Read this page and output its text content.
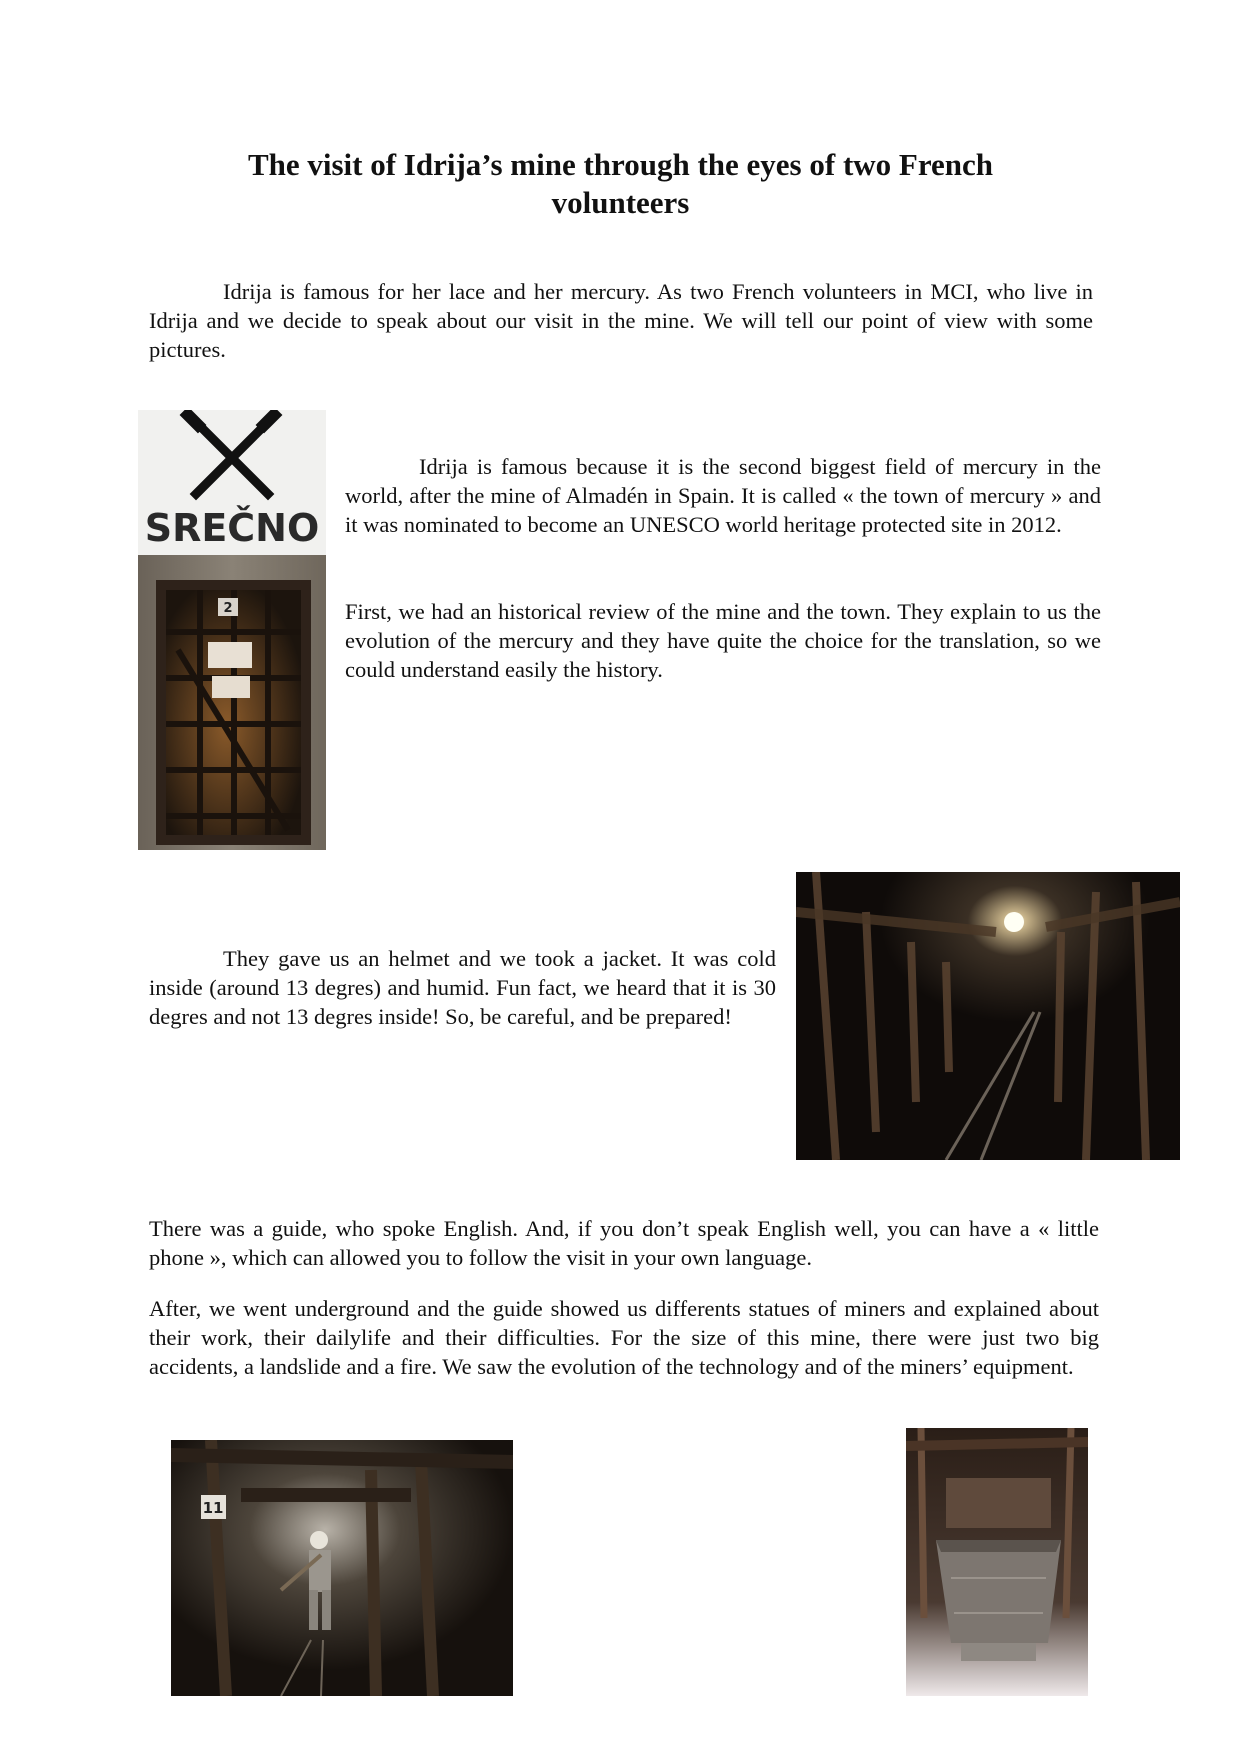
The visit of Idrija’s mine through the eyes of two French volunteers

Idrija is famous for her lace and her mercury. As two French volunteers in MCI, who live in Idrija and we decide to speak about our visit in the mine. We will tell our point of view with some pictures.

SREČNO
2

Idrija is famous because it is the second biggest field of mercury in the world, after the mine of Almadén in Spain. It is called « the town of mercury » and it was nominated to become an UNESCO world heritage protected site in 2012.

First, we had an historical review of the mine and the town. They explain to us the evolution of the mercury and they have quite the choice for the translation, so we could understand easily the history.

They gave us an helmet and we took a jacket. It was cold inside (around 13 degres) and humid. Fun fact, we heard that it is 30 degres and not 13 degres inside! So, be careful, and be prepared!

There was a guide, who spoke English. And, if you don’t speak English well, you can have a « little phone », which can allowed you to follow the visit in your own language.

After, we went underground and the guide showed us differents statues of miners and explained about their work, their dailylife and their difficulties. For the size of this mine, there were just two big accidents, a landslide and a fire. We saw the evolution of the technology and of the miners’ equipment.

11
